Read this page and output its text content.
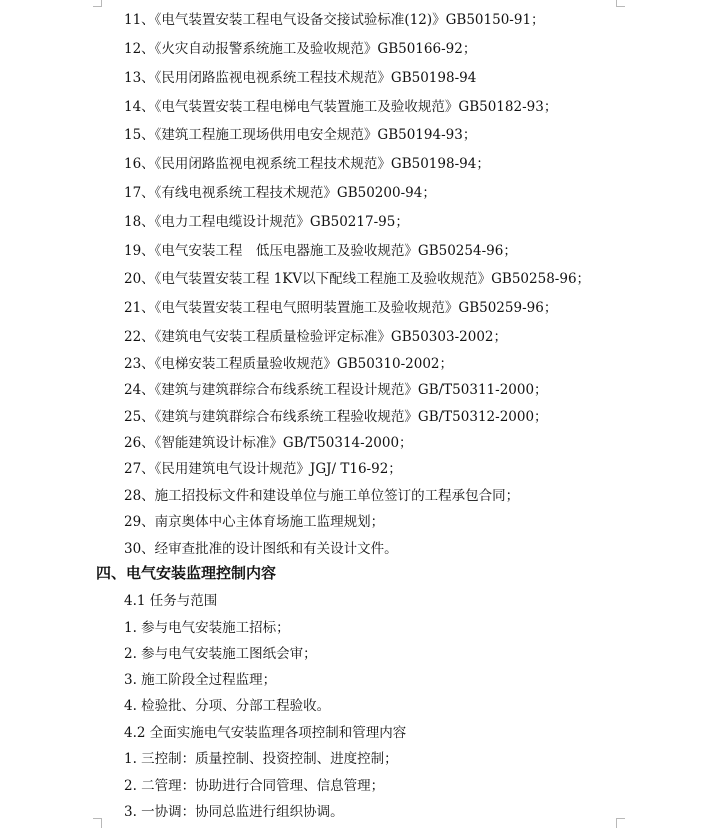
11、《电气装置安装工程电气设备交接试验标准(12)》GB50150-91；
12、《火灾自动报警系统施工及验收规范》GB50166-92；
13、《民用闭路监视电视系统工程技术规范》GB50198-94
14、《电气装置安装工程电梯电气装置施工及验收规范》GB50182-93；
15、《建筑工程施工现场供用电安全规范》GB50194-93；
16、《民用闭路监视电视系统工程技术规范》GB50198-94；
17、《有线电视系统工程技术规范》GB50200-94；
18、《电力工程电缆设计规范》GB50217-95；
19、《电气安装工程　低压电器施工及验收规范》GB50254-96；
20、《电气装置安装工程 1KV以下配线工程施工及验收规范》GB50258-96；
21、《电气装置安装工程电气照明装置施工及验收规范》GB50259-96；
22、《建筑电气安装工程质量检验评定标准》GB50303-2002；
23、《电梯安装工程质量验收规范》GB50310-2002；
24、《建筑与建筑群综合布线系统工程设计规范》GB/T50311-2000；
25、《建筑与建筑群综合布线系统工程验收规范》GB/T50312-2000；
26、《智能建筑设计标准》GB/T50314-2000；
27、《民用建筑电气设计规范》JGJ/ T16-92；
28、施工招投标文件和建设单位与施工单位签订的工程承包合同；
29、南京奥体中心主体育场施工监理规划；
30、经审查批准的设计图纸和有关设计文件。
四、电气安装监理控制内容
4.1 任务与范围
1. 参与电气安装施工招标；
2. 参与电气安装施工图纸会审；
3. 施工阶段全过程监理；
4. 检验批、分项、分部工程验收。
4.2 全面实施电气安装监理各项控制和管理内容
1. 三控制：质量控制、投资控制、进度控制；
2. 二管理：协助进行合同管理、信息管理；
3. 一协调：协同总监进行组织协调。
